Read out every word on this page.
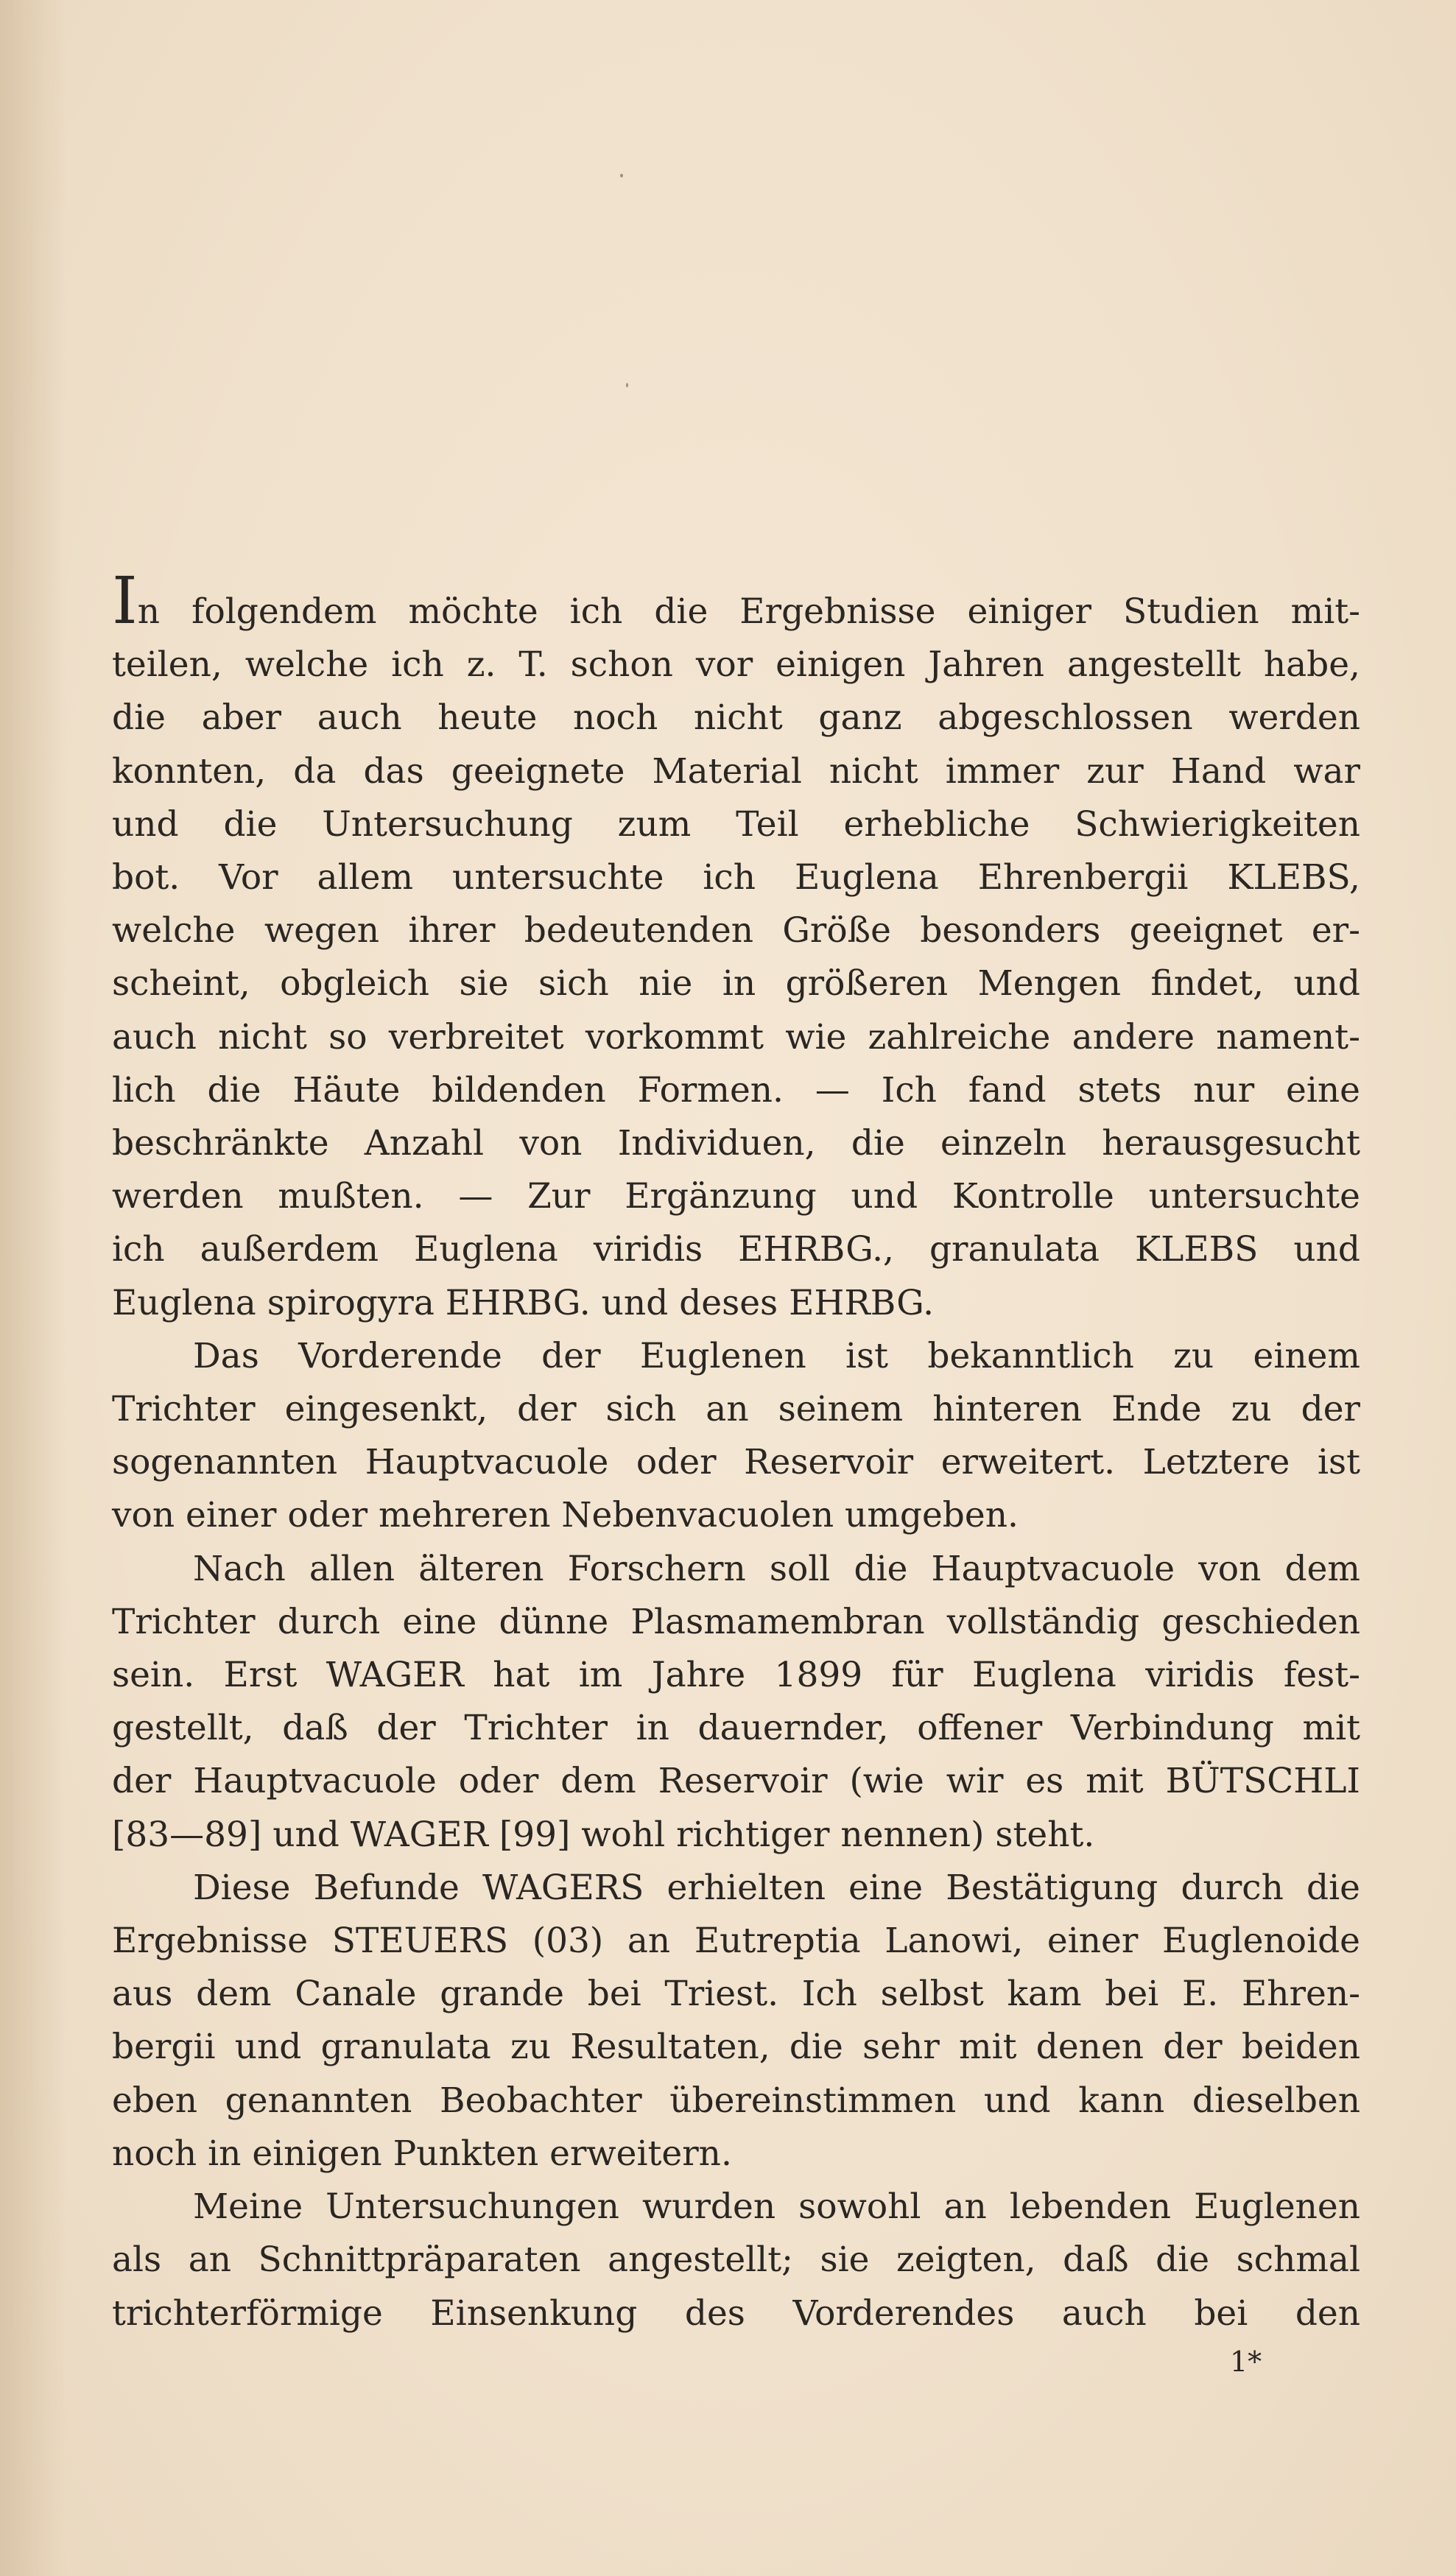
In folgendem möchte ich die Ergebnisse einiger Studien mit-
teilen, welche ich z. T. schon vor einigen Jahren angestellt habe,
die aber auch heute noch nicht ganz abgeschlossen werden
konnten, da das geeignete Material nicht immer zur Hand war
und die Untersuchung zum Teil erhebliche Schwierigkeiten
bot. Vor allem untersuchte ich Euglena Ehrenbergii KLEBS,
welche wegen ihrer bedeutenden Größe besonders geeignet er-
scheint, obgleich sie sich nie in größeren Mengen findet, und
auch nicht so verbreitet vorkommt wie zahlreiche andere nament-
lich die Häute bildenden Formen. — Ich fand stets nur eine
beschränkte Anzahl von Individuen, die einzeln herausgesucht
werden mußten. — Zur Ergänzung und Kontrolle untersuchte
ich außerdem Euglena viridis EHRBG., granulata KLEBS und
Euglena spirogyra EHRBG. und deses EHRBG.
Das Vorderende der Euglenen ist bekanntlich zu einem
Trichter eingesenkt, der sich an seinem hinteren Ende zu der
sogenannten Hauptvacuole oder Reservoir erweitert. Letztere ist
von einer oder mehreren Nebenvacuolen umgeben.
Nach allen älteren Forschern soll die Hauptvacuole von dem
Trichter durch eine dünne Plasmamembran vollständig geschieden
sein. Erst WAGER hat im Jahre 1899 für Euglena viridis fest-
gestellt, daß der Trichter in dauernder, offener Verbindung mit
der Hauptvacuole oder dem Reservoir (wie wir es mit BÜTSCHLI
[83—89] und WAGER [99] wohl richtiger nennen) steht.
Diese Befunde WAGERS erhielten eine Bestätigung durch die
Ergebnisse STEUERS (03) an Eutreptia Lanowi, einer Euglenoide
aus dem Canale grande bei Triest. Ich selbst kam bei E. Ehren-
bergii und granulata zu Resultaten, die sehr mit denen der beiden
eben genannten Beobachter übereinstimmen und kann dieselben
noch in einigen Punkten erweitern.
Meine Untersuchungen wurden sowohl an lebenden Euglenen
als an Schnittpräparaten angestellt; sie zeigten, daß die schmal
trichterförmige Einsenkung des Vorderendes auch bei den
1*
